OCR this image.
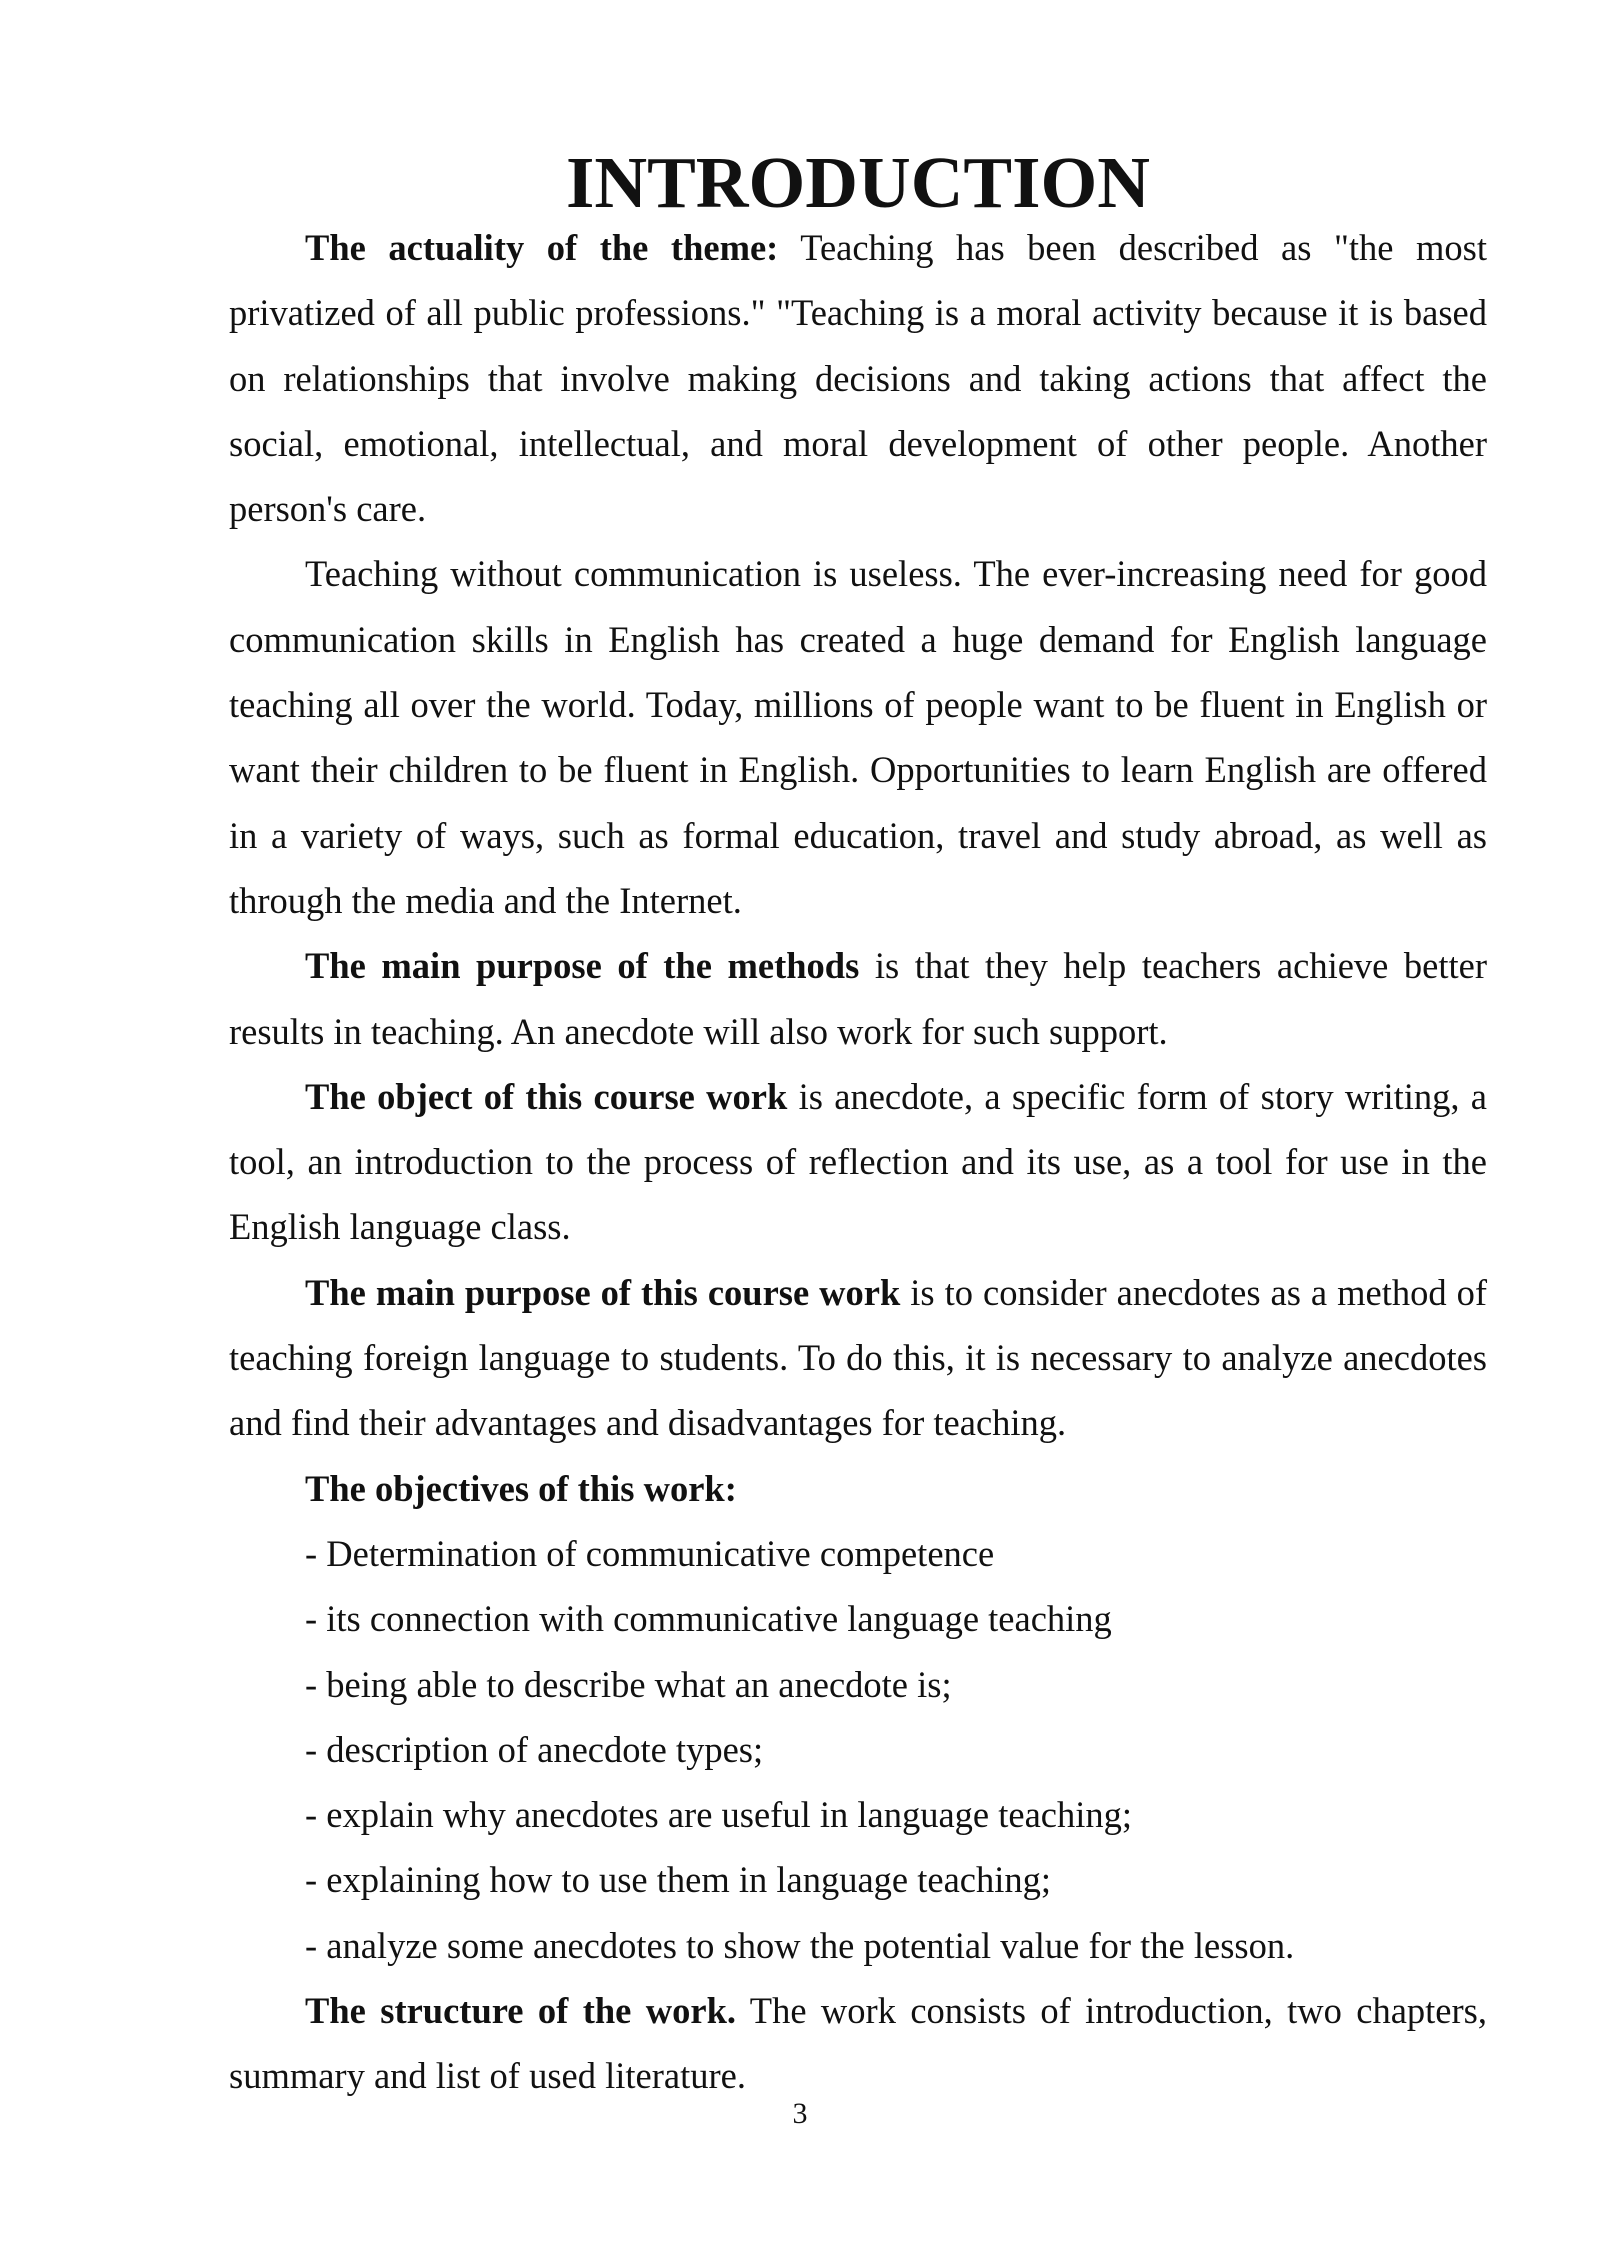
INTRODUCTION

The actuality of the theme: Teaching has been described as "the most privatized of all public professions." "Teaching is a moral activity because it is based on relationships that involve making decisions and taking actions that affect the social, emotional, intellectual, and moral development of other people. Another person's care.

Teaching without communication is useless. The ever-increasing need for good communication skills in English has created a huge demand for English language teaching all over the world. Today, millions of people want to be fluent in English or want their children to be fluent in English. Opportunities to learn English are offered in a variety of ways, such as formal education, travel and study abroad, as well as through the media and the Internet.

The main purpose of the methods is that they help teachers achieve better results in teaching. An anecdote will also work for such support.

The object of this course work is anecdote, a specific form of story writing, a tool, an introduction to the process of reflection and its use, as a tool for use in the English language class.

The main purpose of this course work is to consider anecdotes as a method of teaching foreign language to students. To do this, it is necessary to analyze anecdotes and find their advantages and disadvantages for teaching.

The objectives of this work:

- Determination of communicative competence
- its connection with communicative language teaching
- being able to describe what an anecdote is;
- description of anecdote types;
- explain why anecdotes are useful in language teaching;
- explaining how to use them in language teaching;
- analyze some anecdotes to show the potential value for the lesson.

The structure of the work. The work consists of introduction, two chapters, summary and list of used literature.

3
